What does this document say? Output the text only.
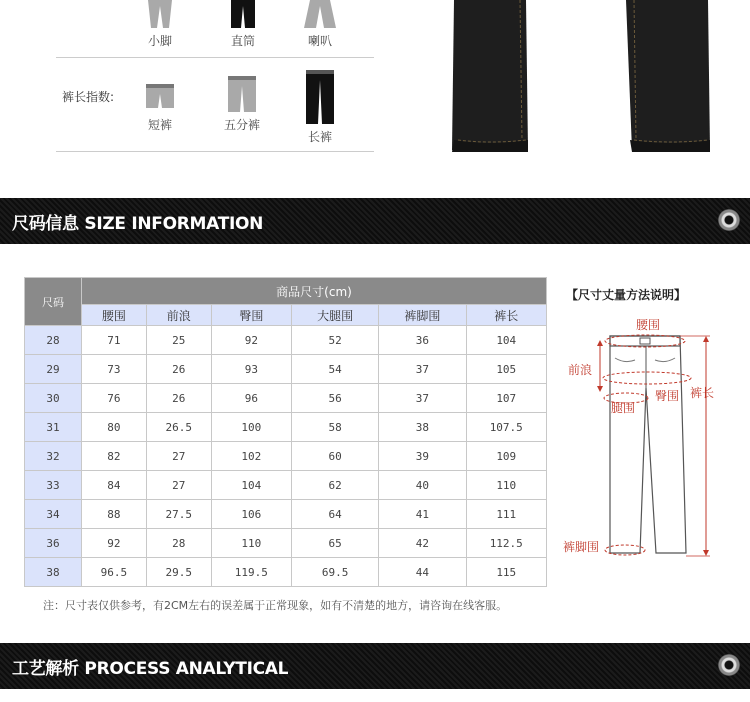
小脚	直筒	喇叭
裤长指数:
短裤	五分裤
长裤
尺码信息 SIZE INFORMATION
尺码	商品尺寸(cm)					
	腰围	前浪	臀围	大腿围	裤脚围	裤长
28	71	25	92	52	36	104
29	73	26	93	54	37	105
30	76	26	96	56	37	107
31	80	26.5	100	58	38	107.5
32	82	27	102	60	39	109
33	84	27	104	62	40	110
34	88	27.5	106	64	41	111
36	92	28	110	65	42	112.5
38	96.5	29.5	119.5	69.5	44	115
注：尺寸表仅供参考，有2CM左右的误差属于正常现象，如有不清楚的地方，请咨询在线客服。
【尺寸丈量方法说明】
腰围
前浪
臀围
腿围
裤长
裤脚围
工艺解析 PROCESS ANALYTICAL
